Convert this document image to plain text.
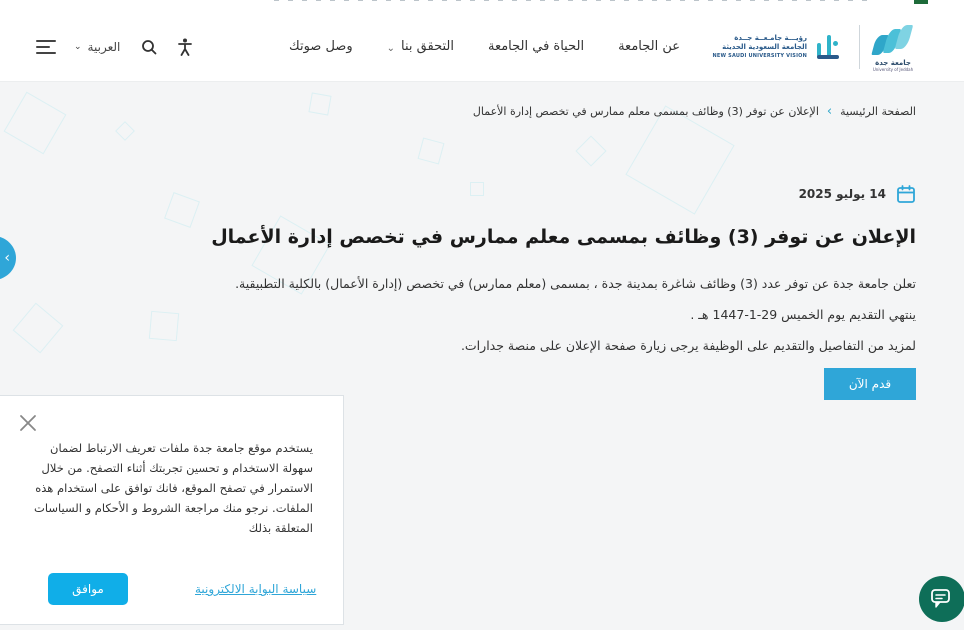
رؤيـــة جامـعــة جــدة
الجامعة السعودية الحديثة
NEW SAUDI UNIVERSITY VISION
جامعة جدة
University of Jeddah
عن الجامعة
الحياة في الجامعة
التحقق بنا
⌄
وصل صوتك
⌄ العربية
‹
الصفحة الرئيسية
›
الإعلان عن توفر (3) وظائف بمسمى معلم ممارس في تخصص إدارة الأعمال
14 يوليو 2025
الإعلان عن توفر (3) وظائف بمسمى معلم ممارس في تخصص إدارة الأعمال

تعلن جامعة جدة عن توفر عدد (3) وظائف شاغرة بمدينة جدة ، بمسمى (معلم ممارس) في تخصص (إدارة الأعمال) بالكلية التطبيقية.

ينتهي التقديم يوم الخميس 29-1-1447 هـ .

لمزيد من التفاصيل والتقديم على الوظيفة يرجى زيارة صفحة الإعلان على منصة جدارات.

قدم الآن
يستخدم موقع جامعة جدة ملفات تعريف الارتباط لضمان سهولة الاستخدام و تحسين تجربتك أثناء التصفح. من خلال الاستمرار في تصفح الموقع، فانك توافق على استخدام هذه الملفات. نرجو منك مراجعة الشروط و الأحكام و السياسات المتعلقة بذلك
سياسة البوابة الالكترونية
موافق
